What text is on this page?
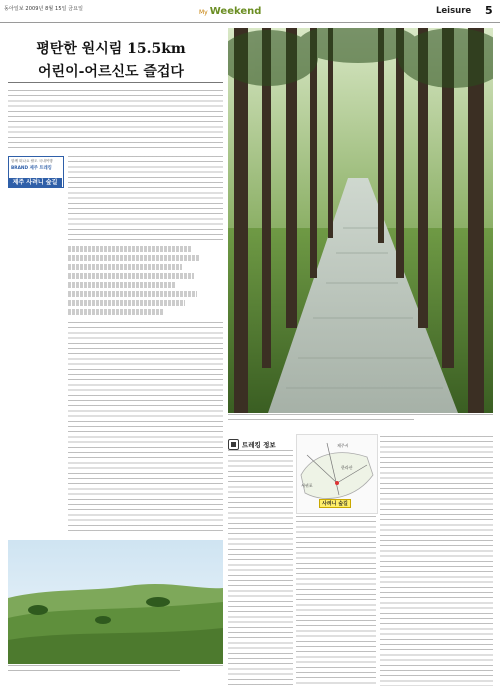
동아일보 2009년 8월 15일 금요일	My Weekend	Leisure 5
평탄한 원시림 15.5km
어린이-어르신도 즐겁다
함께 떠나요 팔도 국내여행
BRAND 제주 트레킹
제주 사려니 숲길
트레킹 정보
한라산
제주시
서귀포
사려니 숲길
